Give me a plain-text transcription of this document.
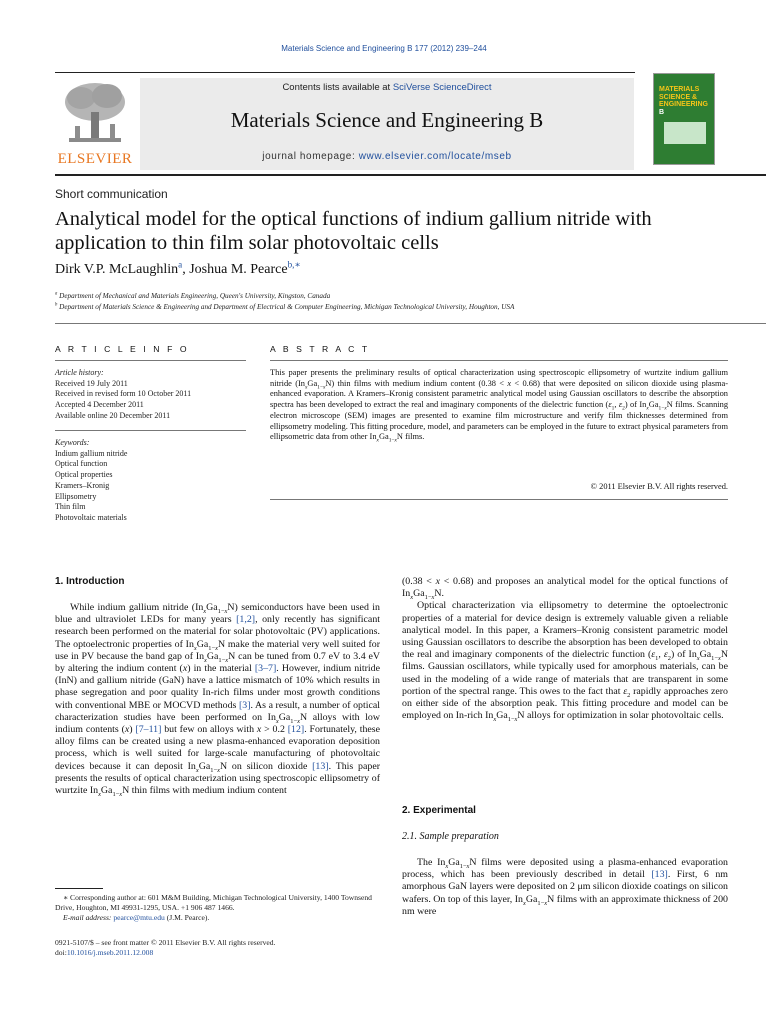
Materials Science and Engineering B 177 (2012) 239–244
ELSEVIER
Contents lists available at SciVerse ScienceDirect
Materials Science and Engineering B
journal homepage: www.elsevier.com/locate/mseb
MATERIALS
SCIENCE &
ENGINEERING
B
Short communication
Analytical model for the optical functions of indium gallium nitride with application to thin film solar photovoltaic cells
Dirk V.P. McLaughlin$^a$, Joshua M. Pearce$^{b,∗}$
$^a$ Department of Mechanical and Materials Engineering, Queen's University, Kingston, Canada
$^b$ Department of Materials Science & Engineering and Department of Electrical & Computer Engineering, Michigan Technological University, Houghton, USA
A R T I C L E I N F O
Article history:
Received 19 July 2011
Received in revised form 10 October 2011
Accepted 4 December 2011
Available online 20 December 2011
Keywords:
Indium gallium nitride
Optical function
Optical properties
Kramers–Kronig
Ellipsometry
Thin film
Photovoltaic materials
A B S T R A C T
This paper presents the preliminary results of optical characterization using spectroscopic ellipsometry of wurtzite indium gallium nitride $(In_xGa_{1-x}N)$ thin films with medium indium content (0.38 < x < 0.68) that were deposited on silicon dioxide using plasma-enhanced evaporation. A Kramers–Kronig consistent parametric analytical model using Gaussian oscillators to describe the absorption spectra has been developed to extract the real and imaginary components of the dielectric function ($\varepsilon_1$, $\varepsilon_2$) of $In_xGa_{1-x}N$ films. Scanning electron microscope (SEM) images are presented to examine film microstructure and verify film thicknesses determined from ellipsometry modeling. This fitting procedure, model, and parameters can be employed in the future to extract physical parameters from ellipsometric data from other $In_xGa_{1-x}N$ films.
© 2011 Elsevier B.V. All rights reserved.
1. Introduction

While indium gallium nitride $(In_xGa_{1-x}N)$ semiconductors have been used in blue and ultraviolet LEDs for many years [1,2], only recently has significant research been performed on the material for solar photovoltaic (PV) applications. The optoelectronic properties of $In_xGa_{1-x}N$ make the material very well suited for use in PV because the band gap of $In_xGa_{1-x}N$ can be tuned from 0.7 eV to 3.4 eV by altering the indium content (x) in the material [3–7]. However, indium nitride (InN) and gallium nitride (GaN) have a lattice mismatch of 10% which results in phase segregation and poor quality In-rich films under most growth conditions with conventional MBE or MOCVD methods [3]. As a result, a number of optical characterization studies have been performed on $In_xGa_{1-x}N$ alloys with low indium contents (x) [7–11] but few on alloys with x > 0.2 [12]. Fortunately, these alloy films can be created using a new plasma-enhanced evaporation deposition process, which is well suited for large-scale manufacturing of photovoltaic devices because it can deposit $In_xGa_{1-x}N$ on silicon dioxide [13]. This paper presents the results of optical characterization using spectroscopic ellipsometry of wurtzite $In_xGa_{1-x}N$ thin films with medium indium content

∗ Corresponding author at: 601 M&M Building, Michigan Technological University, 1400 Townsend Drive, Houghton, MI 49931-1295, USA. +1 906 487 1466.
E-mail address: pearce@mtu.edu (J.M. Pearce).
0921-5107/$ – see front matter © 2011 Elsevier B.V. All rights reserved.
doi:10.1016/j.mseb.2011.12.008

(0.38 < x < 0.68) and proposes an analytical model for the optical functions of $In_xGa_{1-x}N$.

Optical characterization via ellipsometry to determine the optoelectronic properties of a material for device design is extremely valuable given a reliable analytical model. In this paper, a Kramers–Kronig consistent parametric model using Gaussian oscillators to describe the absorption has been developed to obtain the real and imaginary components of the dielectric function ($\varepsilon_1$, $\varepsilon_2$) of $In_xGa_{1-x}N$ films. Gaussian oscillators, while typically used for amorphous materials, can be used in the modeling of a wide range of materials that are transparent in some portion of the spectral range. This owes to the fact that $\varepsilon_2$ rapidly approaches zero on either side of the absorption peak. This fitting procedure and model can be employed on In-rich $In_xGa_{1-x}N$ alloys for optimization in solar photovoltaic cells.

2. Experimental
2.1. Sample preparation

The $In_xGa_{1-x}N$ films were deposited using a plasma-enhanced evaporation process, which has been previously described in detail [13]. First, 6 nm amorphous GaN layers were deposited on 2 μm silicon dioxide coatings on silicon wafers. On top of this layer, $In_xGa_{1-x}N$ films with an approximate thickness of 200 nm were
